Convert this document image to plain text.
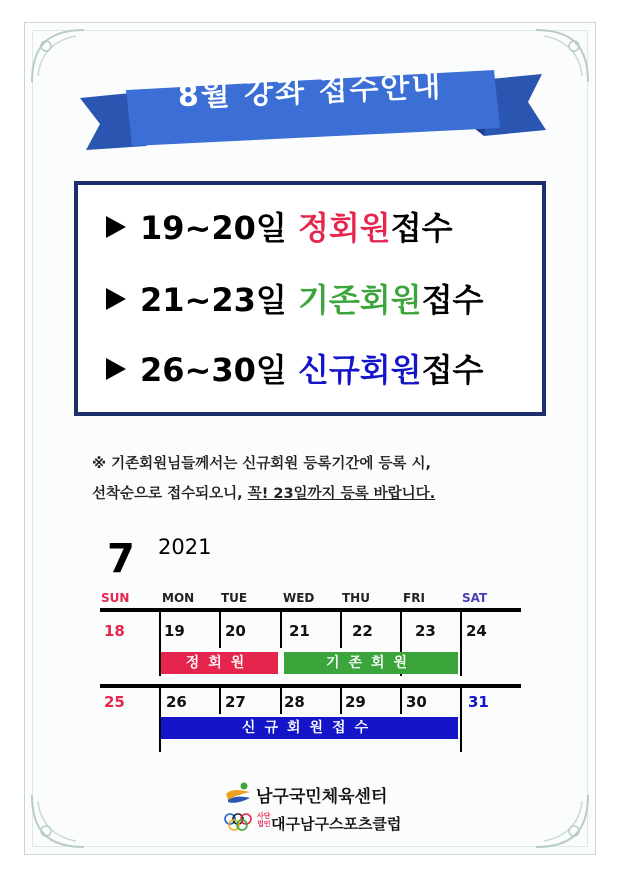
8월 강좌 접수안내
19~20일 정회원접수
21~23일 기존회원접수
26~30일 신규회원접수
※ 기존회원님들께서는 신규회원 등록기간에 등록 시,
선착순으로 접수되오니, 꼭! 23일까지 등록 바랍니다.
7 2021
SUN	MON TUE	WED THU	FRI	SAT
18	19	20	21	22	23 24
25	26	27	28	29	30	31
정회원	기존회원
신규회원접수
남구국민체육센터
사단
법인 대구남구스포츠클럽
